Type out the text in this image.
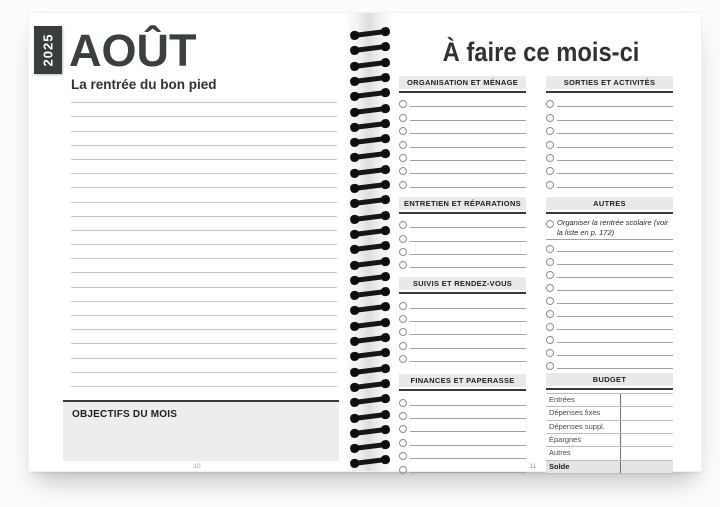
2025 AOÛT
La rentrée du bon pied
OBJECTIFS DU MOIS
10
À faire ce mois-ci
ORGANISATION ET MÉNAGE
ENTRETIEN ET RÉPARATIONS
SUIVIS ET RENDEZ-VOUS
FINANCES ET PAPERASSE
SORTIES ET ACTIVITÉS
AUTRES
Organiser la rentrée scolaire (voir la liste en p. 172)
BUDGET
Entrées
Dépenses fixes
Dépenses suppl.
Épargnes
Autres
Solde
11
